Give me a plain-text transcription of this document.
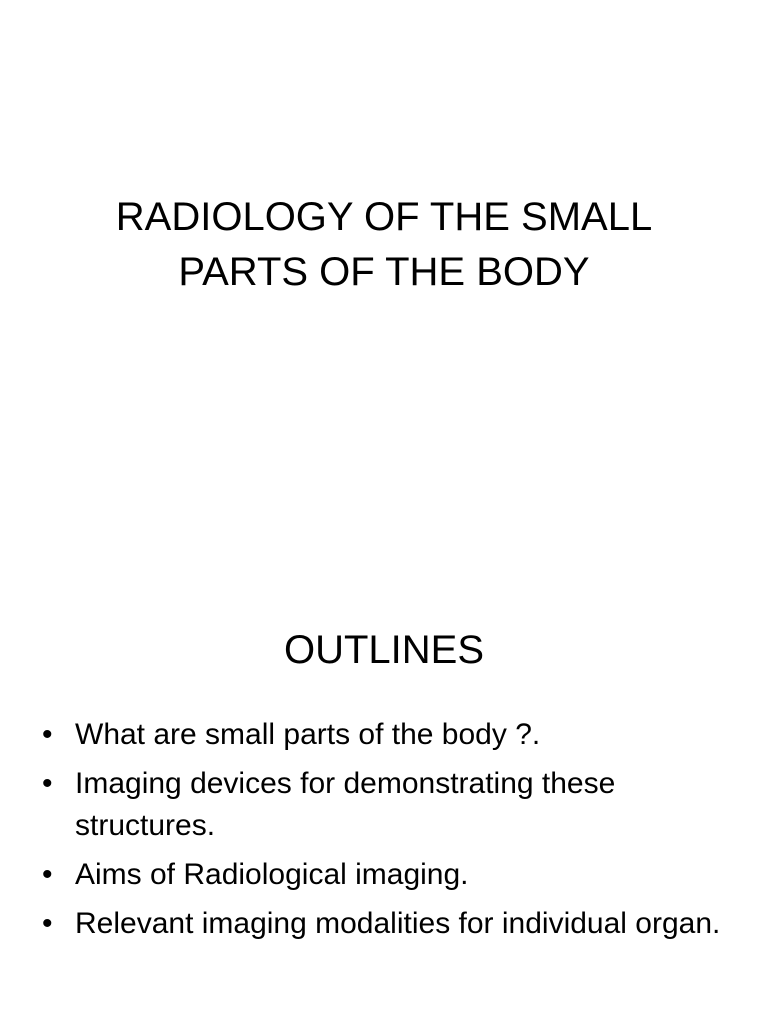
RADIOLOGY OF THE SMALL
PARTS OF THE BODY
OUTLINES
• What are small parts of the body ?.
• Imaging devices for demonstrating these structures.
• Aims of Radiological imaging.
• Relevant imaging modalities for individual organ.
